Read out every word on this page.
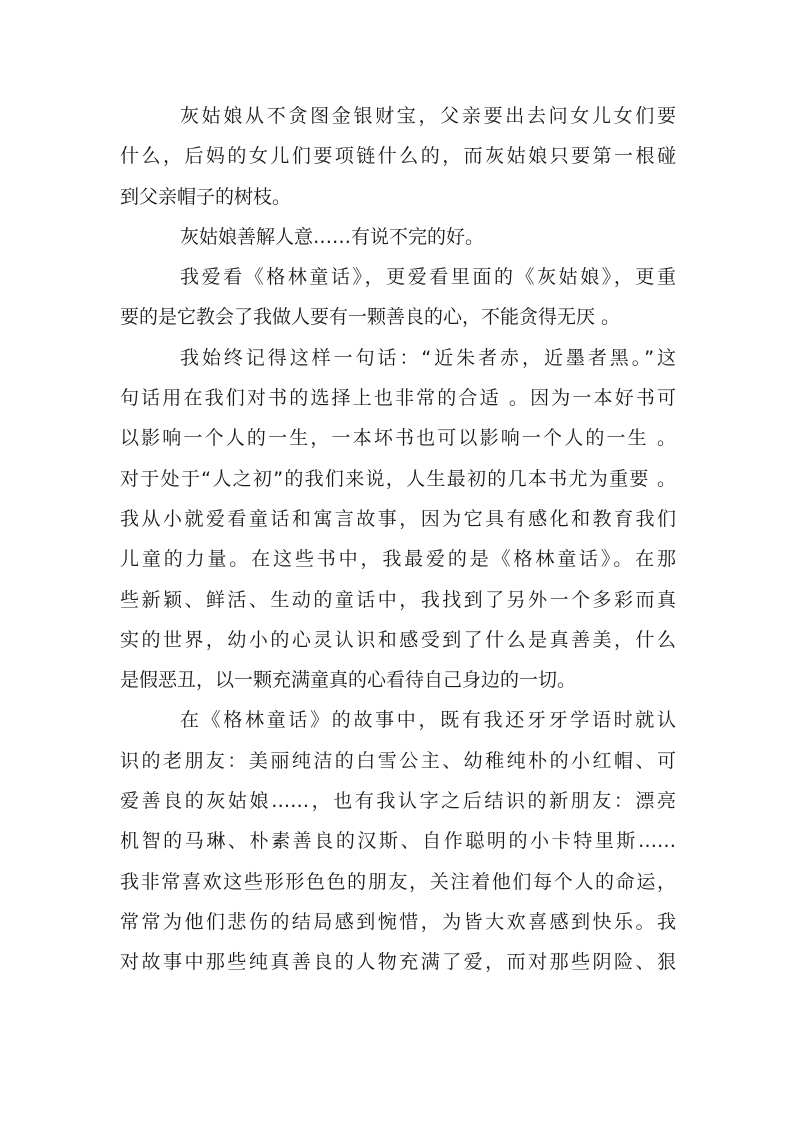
灰姑娘从不贪图金银财宝，父亲要出去问女儿女们要
什么，后妈的女儿们要项链什么的，而灰姑娘只要第一根碰
到父亲帽子的树枝。
灰姑娘善解人意……有说不完的好。
我爱看《格林童话》，更爱看里面的《灰姑娘》，更重
要的是它教会了我做人要有一颗善良的心，不能贪得无厌 。
我始终记得这样一句话：“近朱者赤，近墨者黑。”这
句话用在我们对书的选择上也非常的合适 。因为一本好书可
以影响一个人的一生，一本坏书也可以影响一个人的一生 。
对于处于“人之初”的我们来说，人生最初的几本书尤为重要 。
我从小就爱看童话和寓言故事，因为它具有感化和教育我们
儿童的力量。在这些书中，我最爱的是《格林童话》。在那
些新颖、鲜活、生动的童话中，我找到了另外一个多彩而真
实的世界，幼小的心灵认识和感受到了什么是真善美，什么
是假恶丑，以一颗充满童真的心看待自己身边的一切。
在《格林童话》的故事中，既有我还牙牙学语时就认
识的老朋友：美丽纯洁的白雪公主、幼稚纯朴的小红帽、可
爱善良的灰姑娘……，也有我认字之后结识的新朋友：漂亮
机智的马琳、朴素善良的汉斯、自作聪明的小卡特里斯……
我非常喜欢这些形形色色的朋友，关注着他们每个人的命运，
常常为他们悲伤的结局感到惋惜，为皆大欢喜感到快乐。我
对故事中那些纯真善良的人物充满了爱，而对那些阴险、狠
